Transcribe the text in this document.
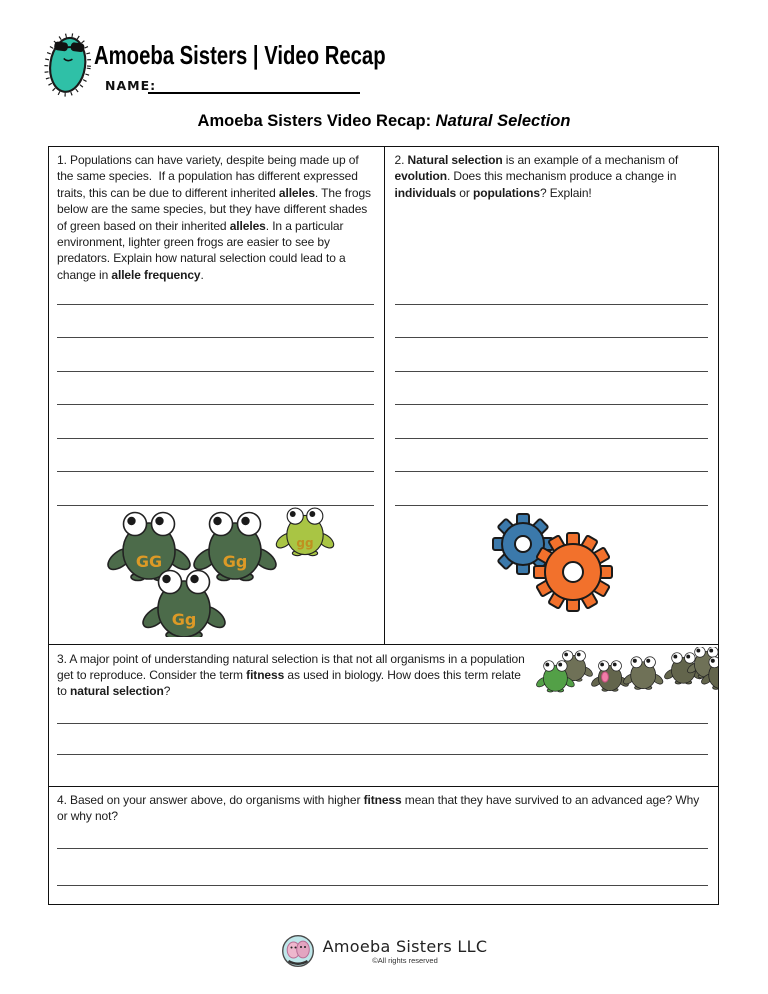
Amoeba Sisters | Video Recap
NAME:
Amoeba Sisters Video Recap: Natural Selection
1. Populations can have variety, despite being made up of the same species.  If a population has different expressed traits, this can be due to different inherited alleles. The frogs below are the same species, but they have different shades of green based on their inherited alleles. In a particular environment, lighter green frogs are easier to see by predators. Explain how natural selection could lead to a change in allele frequency.
GG	Gg
gg
Gg
2. Natural selection is an example of a mechanism of evolution. Does this mechanism produce a change in individuals or populations? Explain!
3. A major point of understanding natural selection is that not all organisms in a population get to reproduce. Consider the term fitness as used in biology. How does this term relate to natural selection?
4. Based on your answer above, do organisms with higher fitness mean that they have survived to an advanced age? Why or why not?
Amoeba Sisters LLC
©All rights reserved
